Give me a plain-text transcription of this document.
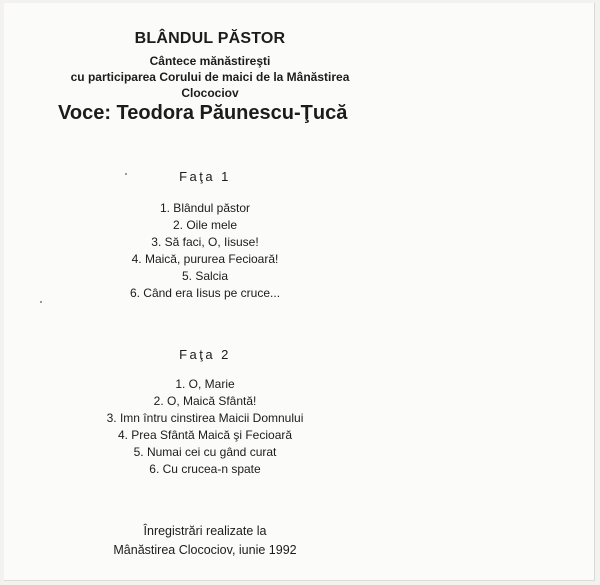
BLÂNDUL PĂSTOR
Cântece mănăstireşti
cu participarea Corului de maici de la Mânăstirea
Clocociov
Voce: Teodora Păunescu-Ţucă
Faţa 1
1. Blândul păstor
2. Oile mele
3. Să faci, O, Iisuse!
4. Maică, pururea Fecioară!
5. Salcia
6. Când era Iisus pe cruce...
Faţa 2
1. O, Marie
2. O, Maică Sfântă!
3. Imn întru cinstirea Maicii Domnului
4. Prea Sfântă Maică şi Fecioară
5. Numai cei cu gând curat
6. Cu crucea-n spate
Înregistrări realizate la
Mânăstirea Clocociov, iunie 1992
